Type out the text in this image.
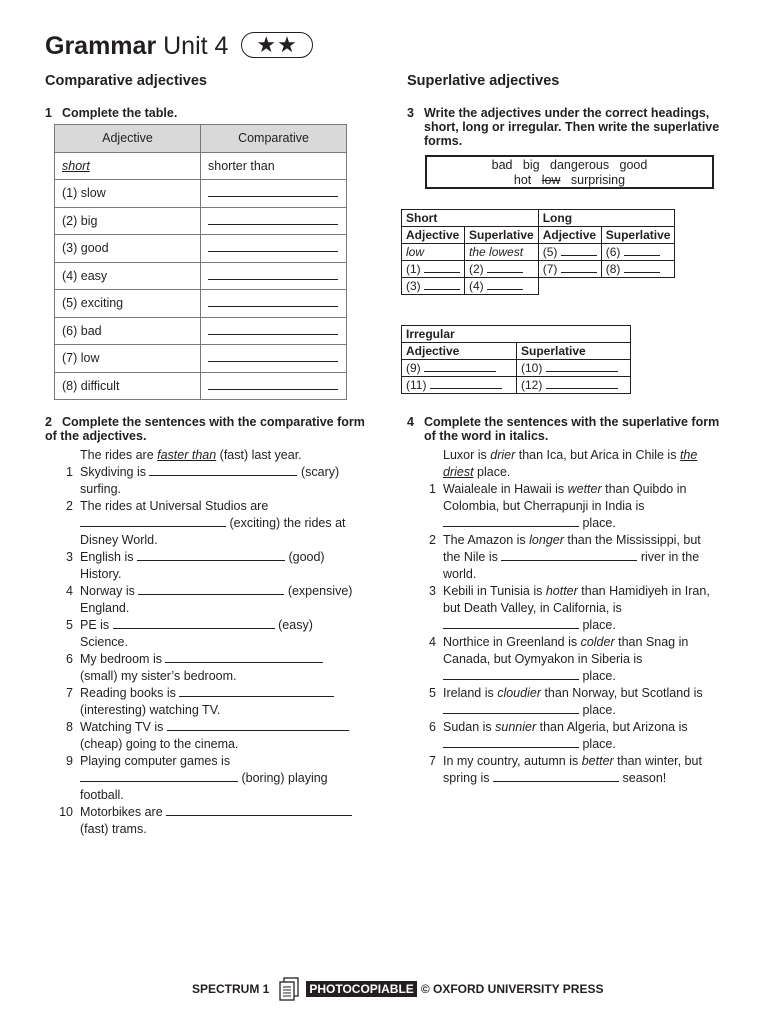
Grammar Unit 4 ★★
Comparative adjectives	Superlative adjectives
1 Complete the table.
Adjective	Comparative
short	shorter than
(1) slow	
(2) big	
(3) good	
(4) easy	
(5) exciting	
(6) bad	
(7) low	
(8) difficult	
2 Complete the sentences with the comparative form of the adjectives.
The rides are faster than (fast) last year.
1 Skydiving is	(scary)
surfing.
2 The rides at Universal Studios are
(exciting) the rides at
Disney World.
3 English is	(good)
History.
4 Norway is	(expensive)
England.
5 PE is	(easy)
Science.
6 My bedroom is
(small) my sister’s bedroom.
7 Reading books is
(interesting) watching TV.
8 Watching TV is
(cheap) going to the cinema.
9 Playing computer games is
(boring) playing
football.
10 Motorbikes are
(fast) trams.
3 Write the adjectives under the correct headings, short, long or irregular. Then write the superlative forms.
bad   big   dangerous   good
hot   low   surprising
Short		Long	
Adjective	Superlative	Adjective	Superlative
low	the lowest	(5)	(6)
(1)	(2)	(7)	(8)
(3)	(4)		
Irregular	
Adjective	Superlative
(9)	(10)
(11)	(12)
4 Complete the sentences with the superlative form of the word in italics.
Luxor is drier than Ica, but Arica in Chile is the
driest place.
1 Waialeale in Hawaii is wetter than Quibdo in
Colombia, but Cherrapunji in India is
place.
2 The Amazon is longer than the Mississippi, but
the Nile is	river in the
world.
3 Kebili in Tunisia is hotter than Hamidiyeh in Iran,
but Death Valley, in California, is
place.
4 Northice in Greenland is colder than Snag in
Canada, but Oymyakon in Siberia is
place.
5 Ireland is cloudier than Norway, but Scotland is
place.
6 Sudan is sunnier than Algeria, but Arizona is
place.
7 In my country, autumn is better than winter, but
spring is	season!
SPECTRUM 1	PHOTOCOPIABLE © OXFORD UNIVERSITY PRESS
